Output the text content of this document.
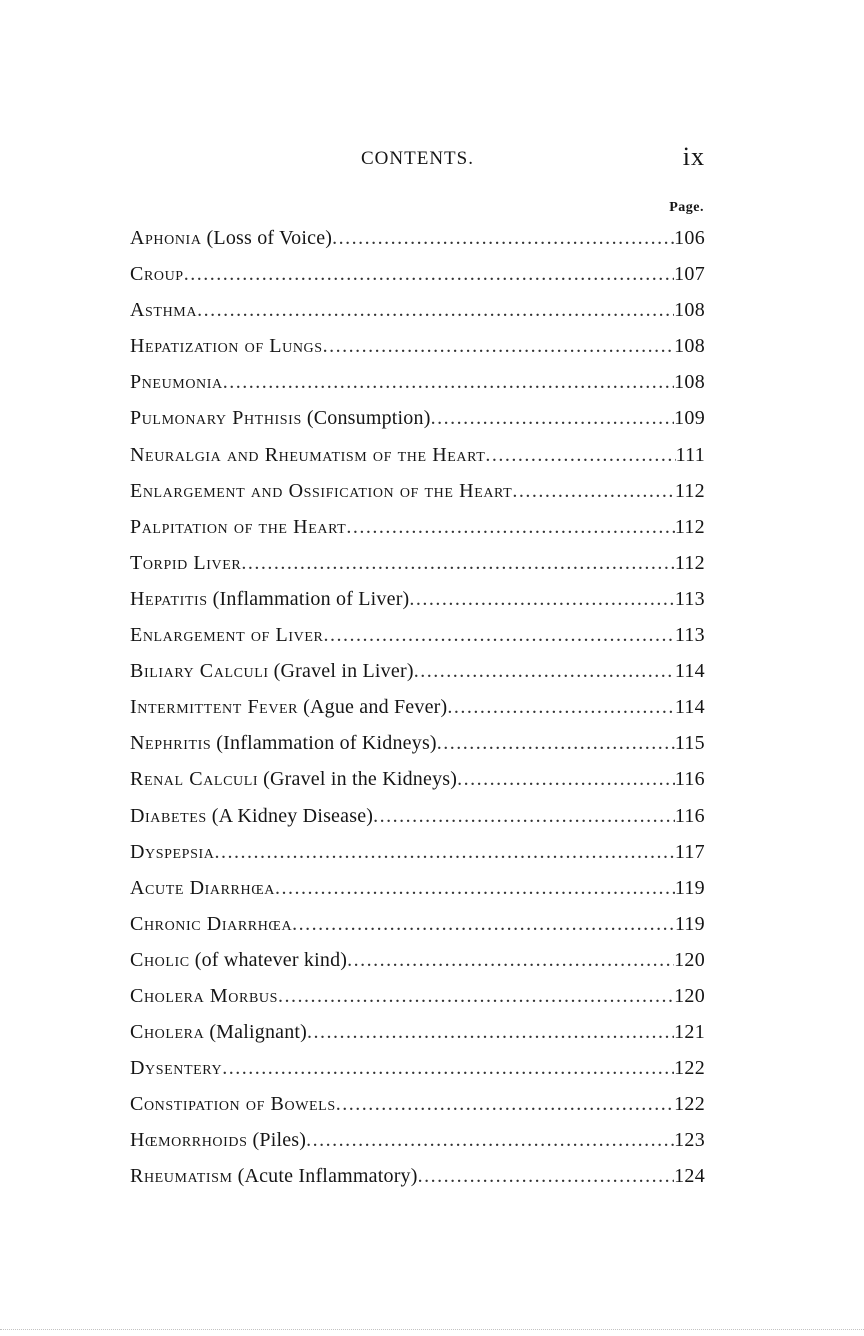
CONTENTS.	ix
Page.
Aphonia (Loss of Voice) .....	106
Croup .....	107
Asthma .....	108
Hepatization of Lungs .....	108
Pneumonia .....	108
Pulmonary Phthisis (Consumption) .....	109
Neuralgia and Rheumatism of the Heart .....	111
Enlargement and Ossification of the Heart .....	112
Palpitation of the Heart .....	112
Torpid Liver .....	112
Hepatitis (Inflammation of Liver) .....	113
Enlargement of Liver .....	113
Biliary Calculi (Gravel in Liver) .....	114
Intermittent Fever (Ague and Fever) .....	114
Nephritis (Inflammation of Kidneys) .....	115
Renal Calculi (Gravel in the Kidneys) .....	116
Diabetes (A Kidney Disease) .....	116
Dyspepsia .....	117
Acute Diarrhœa .....	119
Chronic Diarrhœa .....	119
Cholic (of whatever kind) .....	120
Cholera Morbus .....	120
Cholera (Malignant) .....	121
Dysentery .....	122
Constipation of Bowels .....	122
Hœmorrhoids (Piles) .....	123
Rheumatism (Acute Inflammatory) .....	124
